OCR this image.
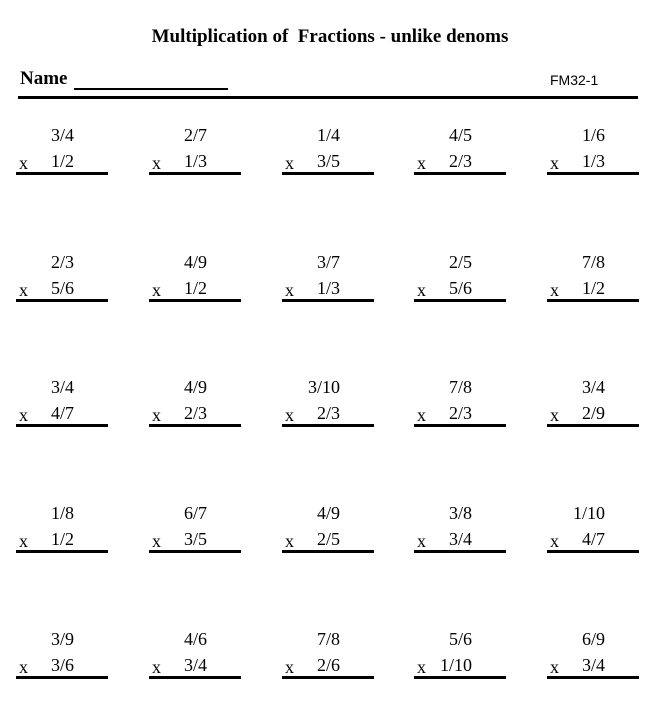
Multiplication of  Fractions - unlike denoms
Name	FM32-1
3/4
x 1/2
2/7
x 1/3
1/4
x 3/5
4/5
x 2/3
1/6
x 1/3
2/3
x 5/6
4/9
x 1/2
3/7
x 1/3
2/5
x 5/6
7/8
x 1/2
3/4
x 4/7
4/9
x 2/3
3/10
x 2/3
7/8
x 2/3
3/4
x 2/9
1/8
x 1/2
6/7
x 3/5
4/9
x 2/5
3/8
x 3/4
1/10
x 4/7
3/9
x 3/6
4/6
x 3/4
7/8
x 2/6
5/6
x 1/10
6/9
x 3/4
